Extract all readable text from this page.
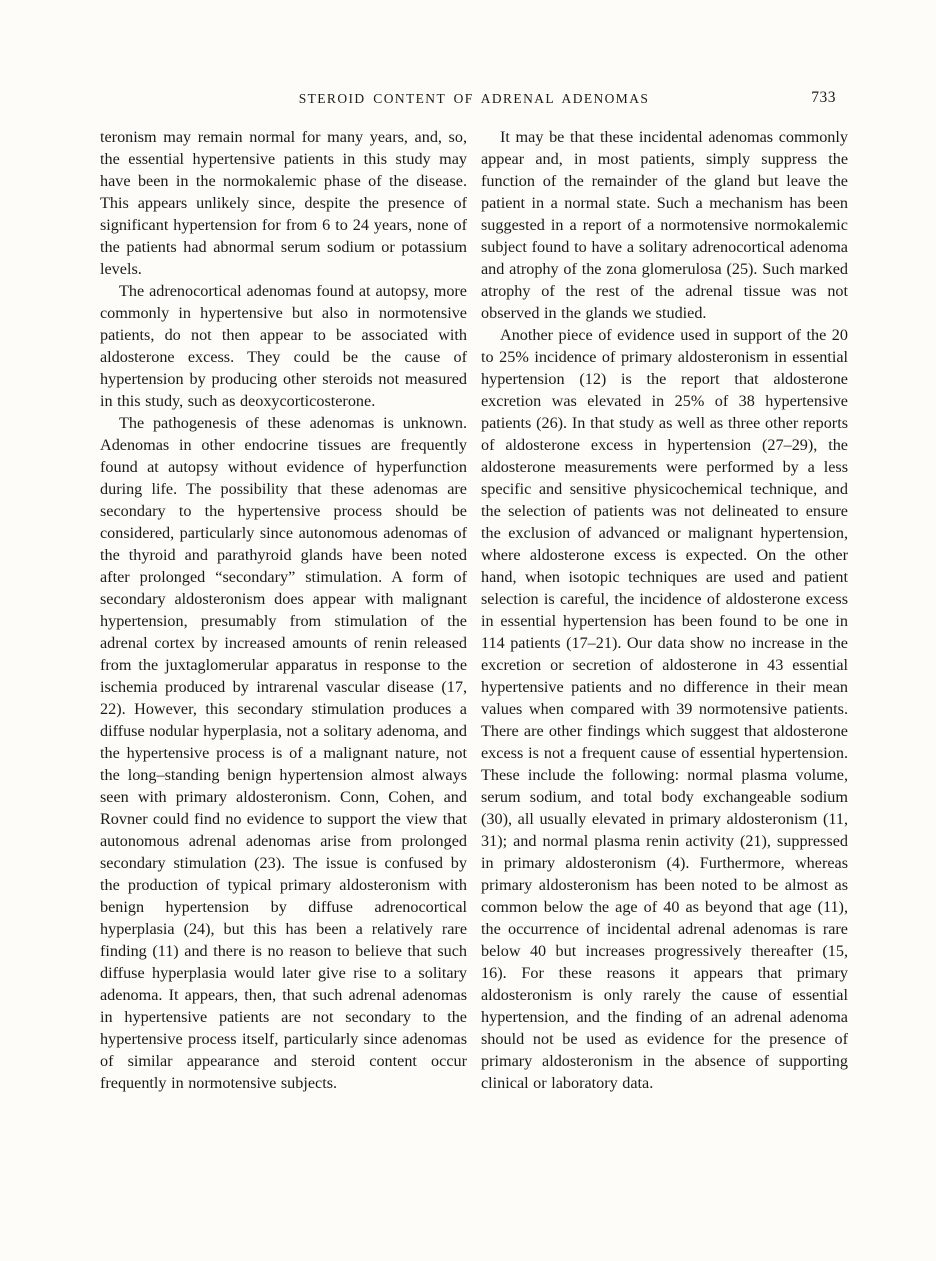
STEROID CONTENT OF ADRENAL ADENOMAS	733

teronism may remain normal for many years, and, so, the essential hypertensive patients in this study may have been in the normokalemic phase of the disease. This appears unlikely since, despite the presence of significant hypertension for from 6 to 24 years, none of the patients had abnormal serum sodium or potassium levels.

The adrenocortical adenomas found at autopsy, more commonly in hypertensive but also in normotensive patients, do not then appear to be associated with aldosterone excess. They could be the cause of hypertension by producing other steroids not measured in this study, such as deoxycorticosterone.

The pathogenesis of these adenomas is unknown. Adenomas in other endocrine tissues are frequently found at autopsy without evidence of hyperfunction during life. The possibility that these adenomas are secondary to the hypertensive process should be considered, particularly since autonomous adenomas of the thyroid and parathyroid glands have been noted after prolonged “secondary” stimulation. A form of secondary aldosteronism does appear with malignant hypertension, presumably from stimulation of the adrenal cortex by increased amounts of renin released from the juxtaglomerular apparatus in response to the ischemia produced by intrarenal vascular disease (17, 22). However, this secondary stimulation produces a diffuse nodular hyperplasia, not a solitary adenoma, and the hypertensive process is of a malignant nature, not the long–standing benign hypertension almost always seen with primary aldosteronism. Conn, Cohen, and Rovner could find no evidence to support the view that autonomous adrenal adenomas arise from prolonged secondary stimulation (23). The issue is confused by the production of typical primary aldosteronism with benign hypertension by diffuse adrenocortical hyperplasia (24), but this has been a relatively rare finding (11) and there is no reason to believe that such diffuse hyperplasia would later give rise to a solitary adenoma. It appears, then, that such adrenal adenomas in hypertensive patients are not secondary to the hypertensive process itself, particularly since adenomas of similar appearance and steroid content occur frequently in normotensive subjects.

It may be that these incidental adenomas commonly appear and, in most patients, simply suppress the function of the remainder of the gland but leave the patient in a normal state. Such a mechanism has been suggested in a report of a normotensive normokalemic subject found to have a solitary adrenocortical adenoma and atrophy of the zona glomerulosa (25). Such marked atrophy of the rest of the adrenal tissue was not observed in the glands we studied.

Another piece of evidence used in support of the 20 to 25% incidence of primary aldosteronism in essential hypertension (12) is the report that aldosterone excretion was elevated in 25% of 38 hypertensive patients (26). In that study as well as three other reports of aldosterone excess in hypertension (27–29), the aldosterone measurements were performed by a less specific and sensitive physicochemical technique, and the selection of patients was not delineated to ensure the exclusion of advanced or malignant hypertension, where aldosterone excess is expected. On the other hand, when isotopic techniques are used and patient selection is careful, the incidence of aldosterone excess in essential hypertension has been found to be one in 114 patients (17–21). Our data show no increase in the excretion or secretion of aldosterone in 43 essential hypertensive patients and no difference in their mean values when compared with 39 normotensive patients. There are other findings which suggest that aldosterone excess is not a frequent cause of essential hypertension. These include the following: normal plasma volume, serum sodium, and total body exchangeable sodium (30), all usually elevated in primary aldosteronism (11, 31); and normal plasma renin activity (21), suppressed in primary aldosteronism (4). Furthermore, whereas primary aldosteronism has been noted to be almost as common below the age of 40 as beyond that age (11), the occurrence of incidental adrenal adenomas is rare below 40 but increases progressively thereafter (15, 16). For these reasons it appears that primary aldosteronism is only rarely the cause of essential hypertension, and the finding of an adrenal adenoma should not be used as evidence for the presence of primary aldosteronism in the absence of supporting clinical or laboratory data.
